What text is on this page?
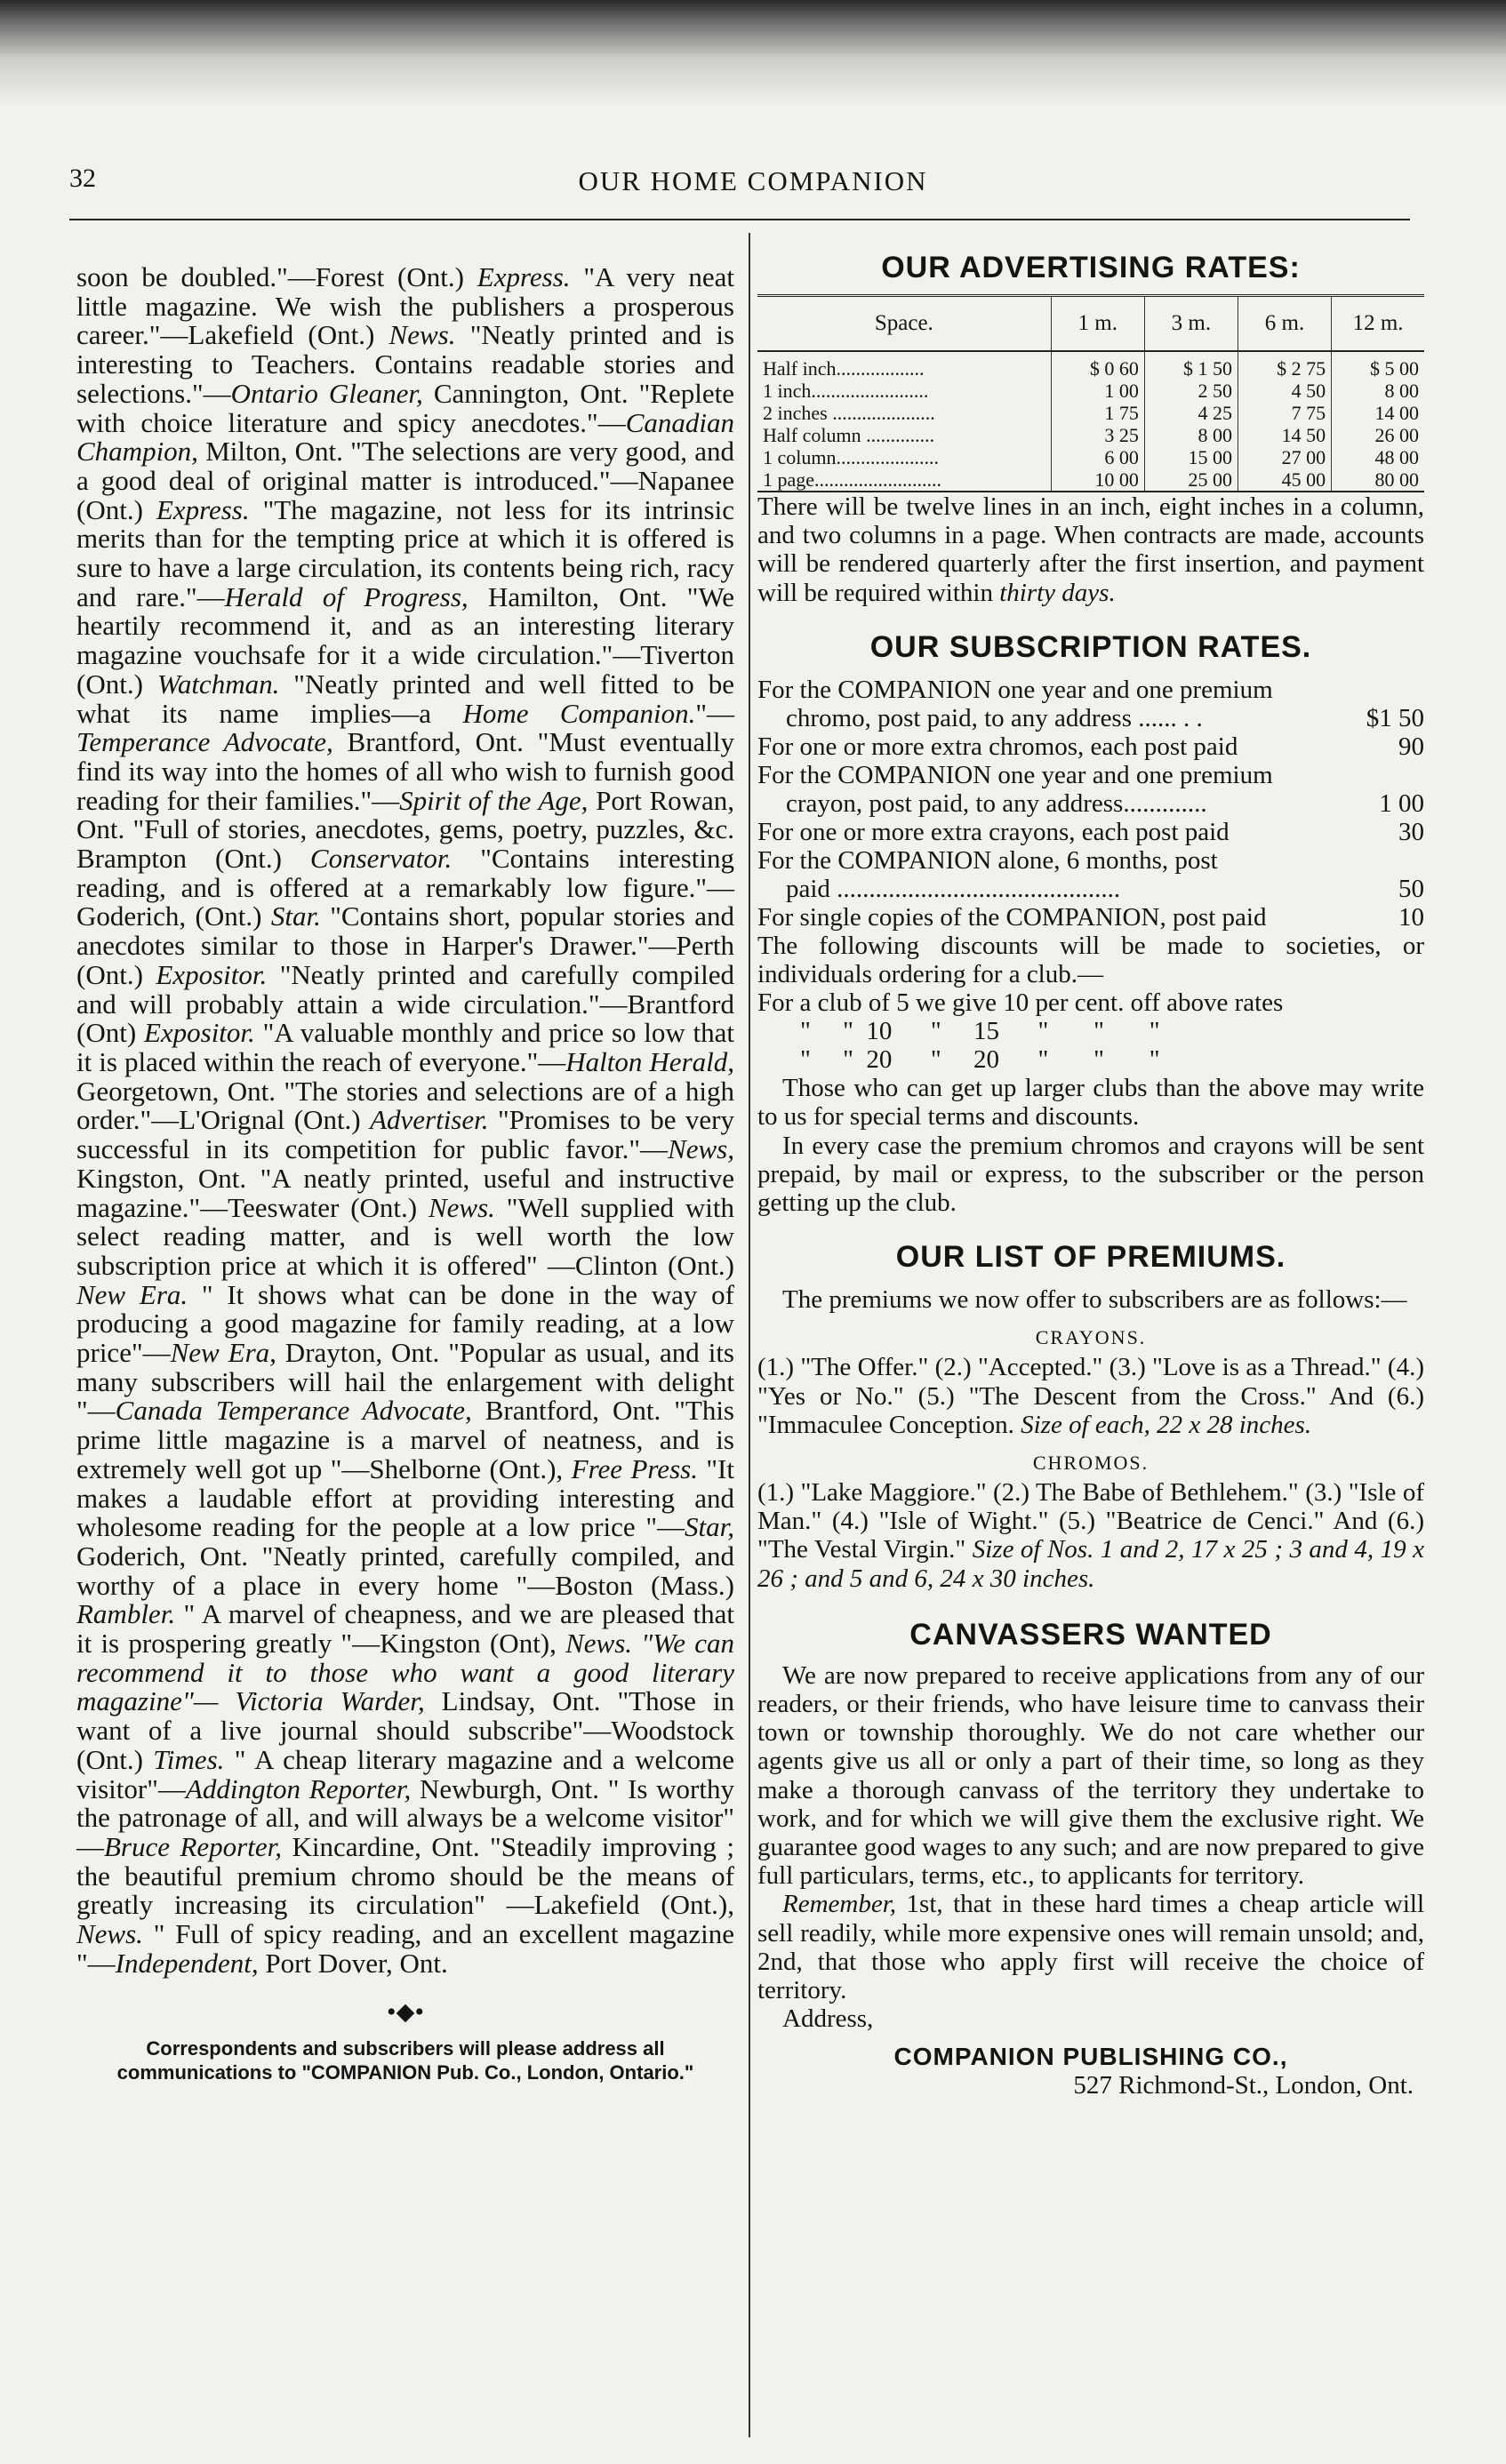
32	OUR HOME COMPANION

soon be doubled."—Forest (Ont.) Express. "A very neat little magazine. We wish the publishers a prosperous career."—Lakefield (Ont.) News. "Neatly printed and is interesting to Teachers. Contains readable stories and selections."—Ontario Gleaner, Cannington, Ont. "Replete with choice literature and spicy anecdotes."—Canadian Champion, Milton, Ont. "The selections are very good, and a good deal of original matter is introduced."—Napanee (Ont.) Express. "The magazine, not less for its intrinsic merits than for the tempting price at which it is offered is sure to have a large circulation, its contents being rich, racy and rare."—Herald of Progress, Hamilton, Ont. "We heartily recommend it, and as an interesting literary magazine vouchsafe for it a wide circulation."—Tiverton (Ont.) Watchman. "Neatly printed and well fitted to be what its name implies—a Home Companion."—Temperance Advocate, Brantford, Ont. "Must eventually find its way into the homes of all who wish to furnish good reading for their families."—Spirit of the Age, Port Rowan, Ont. "Full of stories, anecdotes, gems, poetry, puzzles, &c. Brampton (Ont.) Conservator. "Contains interesting reading, and is offered at a remarkably low figure."—Goderich, (Ont.) Star. "Contains short, popular stories and anecdotes similar to those in Harper's Drawer."—Perth (Ont.) Expositor. "Neatly printed and carefully compiled and will probably attain a wide circulation."—Brantford (Ont) Expositor. "A valuable monthly and price so low that it is placed within the reach of everyone."—Halton Herald, Georgetown, Ont. "The stories and selections are of a high order."—L'Orignal (Ont.) Advertiser. "Promises to be very successful in its competition for public favor."—News, Kingston, Ont. "A neatly printed, useful and instructive magazine."—Teeswater (Ont.) News. "Well supplied with select reading matter, and is well worth the low subscription price at which it is offered" —Clinton (Ont.) New Era. " It shows what can be done in the way of producing a good magazine for family reading, at a low price"—New Era, Drayton, Ont. "Popular as usual, and its many subscribers will hail the enlargement with delight "—Canada Temperance Advocate, Brantford, Ont. "This prime little magazine is a marvel of neatness, and is extremely well got up "—Shelborne (Ont.), Free Press. "It makes a laudable effort at providing interesting and wholesome reading for the people at a low price "—Star, Goderich, Ont. "Neatly printed, carefully compiled, and worthy of a place in every home "—Boston (Mass.) Rambler. " A marvel of cheapness, and we are pleased that it is prospering greatly "—Kingston (Ont), News. "We can recommend it to those who want a good literary magazine"— Victoria Warder, Lindsay, Ont. "Those in want of a live journal should subscribe"—Woodstock (Ont.) Times. " A cheap literary magazine and a welcome visitor"—Addington Reporter, Newburgh, Ont. " Is worthy the patronage of all, and will always be a welcome visitor" —Bruce Reporter, Kincardine, Ont. "Steadily improving ; the beautiful premium chromo should be the means of greatly increasing its circulation" —Lakefield (Ont.), News. " Full of spicy reading, and an excellent magazine "—Independent, Port Dover, Ont.

•⬥•

Correspondents and subscribers will please address all communications to "COMPANION Pub. Co., London, Ontario."

OUR ADVERTISING RATES:
Space.	1 m.	3 m.	6 m.	12 m.
Half inch..................	$ 0 60	$ 1 50	$ 2 75	$ 5 00
1 inch........................	1 00	2 50	4 50	8 00
2 inches .....................	1 75	4 25	7 75	14 00
Half column ..............	3 25	8 00	14 50	26 00
1 column.....................	6 00	15 00	27 00	48 00
1 page..........................	10 00	25 00	45 00	80 00

There will be twelve lines in an inch, eight inches in a column, and two columns in a page. When contracts are made, accounts will be rendered quarterly after the first insertion, and payment will be required within thirty days.

OUR SUBSCRIPTION RATES.
For the COMPANION one year and one premium
chromo, post paid, to any address ...... . .	$1 50
For one or more extra chromos, each post paid	90
For the COMPANION one year and one premium
crayon, post paid, to any address.............	1 00
For one or more extra crayons, each post paid	30
For the COMPANION alone, 6 months, post
paid ............................................	50
For single copies of the COMPANION, post paid	10

The following discounts will be made to societies, or individuals ordering for a club.—

For a club of 5 we give 10 per cent. off above rates
"     "  10      "     15      "       "       "
"     "  20      "     20      "       "       "

Those who can get up larger clubs than the above may write to us for special terms and discounts.

In every case the premium chromos and crayons will be sent prepaid, by mail or express, to the subscriber or the person getting up the club.

OUR LIST OF PREMIUMS.

The premiums we now offer to subscribers are as follows:—

CRAYONS.

(1.) "The Offer." (2.) "Accepted." (3.) "Love is as a Thread." (4.) "Yes or No." (5.) "The Descent from the Cross." And (6.) "Immaculee Conception. Size of each, 22 x 28 inches.

CHROMOS.

(1.) "Lake Maggiore." (2.) The Babe of Bethlehem." (3.) "Isle of Man." (4.) "Isle of Wight." (5.) "Beatrice de Cenci." And (6.) "The Vestal Virgin." Size of Nos. 1 and 2, 17 x 25 ; 3 and 4, 19 x 26 ; and 5 and 6, 24 x 30 inches.

CANVASSERS WANTED

We are now prepared to receive applications from any of our readers, or their friends, who have leisure time to canvass their town or township thoroughly. We do not care whether our agents give us all or only a part of their time, so long as they make a thorough canvass of the territory they undertake to work, and for which we will give them the exclusive right. We guarantee good wages to any such; and are now prepared to give full particulars, terms, etc., to applicants for territory.

Remember, 1st, that in these hard times a cheap article will sell readily, while more expensive ones will remain unsold; and, 2nd, that those who apply first will receive the choice of territory.

Address,

COMPANION PUBLISHING CO.,

527 Richmond-St., London, Ont.
